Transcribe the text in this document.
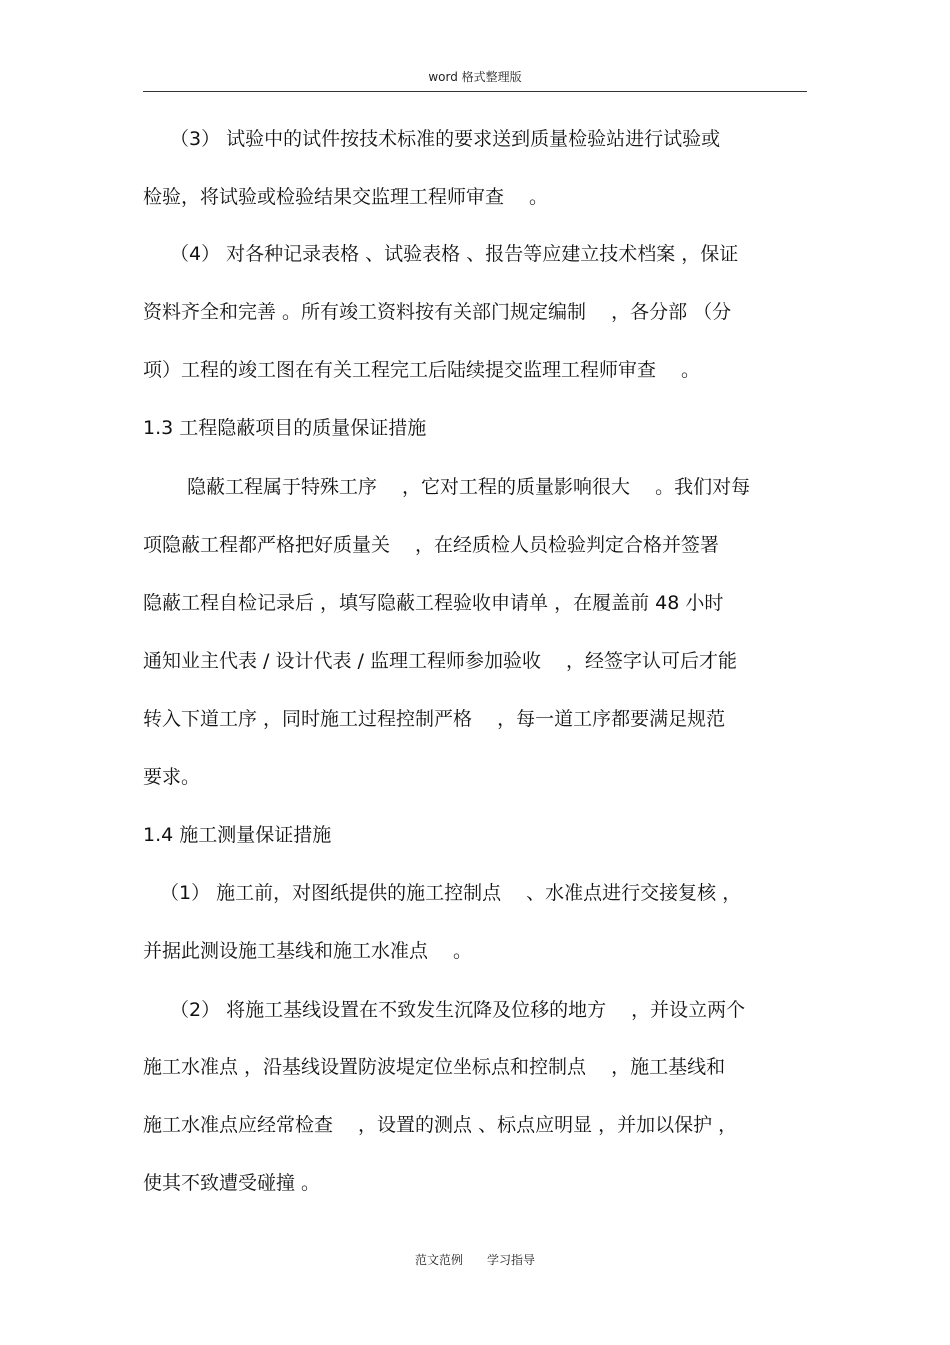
word 格式整理版
（3） 试验中的试件按技术标准的要求送到质量检验站进行试验或
检验，将试验或检验结果交监理工程师审查　 。
（4） 对各种记录表格 、试验表格 、报告等应建立技术档案 ，保证
资料齐全和完善 。所有竣工资料按有关部门规定编制　 ，各分部 （分
项）工程的竣工图在有关工程完工后陆续提交监理工程师审查　 。
1.3 工程隐蔽项目的质量保证措施
隐蔽工程属于特殊工序　 ，它对工程的质量影响很大　 。我们对每
项隐蔽工程都严格把好质量关　 ，在经质检人员检验判定合格并签署
隐蔽工程自检记录后 ，填写隐蔽工程验收申请单 ，在履盖前 48 小时
通知业主代表 / 设计代表 / 监理工程师参加验收　 ，经签字认可后才能
转入下道工序 ，同时施工过程控制严格　 ，每一道工序都要满足规范
要求。
1.4 施工测量保证措施
（1） 施工前，对图纸提供的施工控制点　 、水准点进行交接复核 ，
并据此测设施工基线和施工水准点　 。
（2） 将施工基线设置在不致发生沉降及位移的地方　 ，并设立两个
施工水准点 ，沿基线设置防波堤定位坐标点和控制点　 ，施工基线和
施工水准点应经常检查　 ，设置的测点 、标点应明显 ，并加以保护 ，
使其不致遭受碰撞 。
范文范例　　学习指导
